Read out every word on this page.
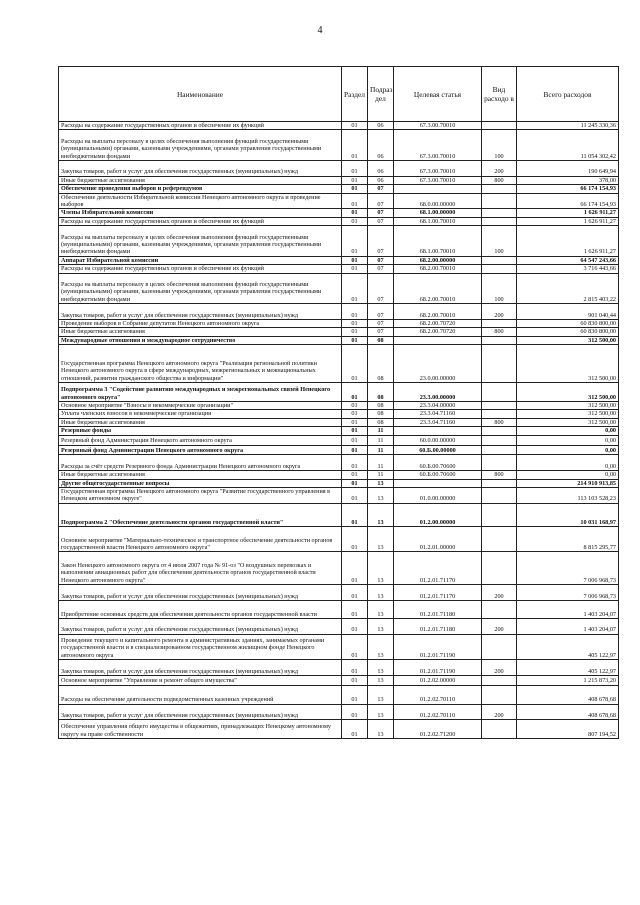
4
Наименование	Раздел	Подраз дел	Целевая статья	Вид расходо в	Всего расходов
Расходы на содержание государственных органов и обеспечение их функций	01	06	67.3.00.70010		11 245 330,36
Расходы на выплаты персоналу в целях обеспечения выполнения функций государственными (муниципальными) органами, казенными учреждениями, органами управления государственными внебюджетными фондами	01	06	67.3.00.70010	100	11 054 302,42
Закупка товаров, работ и услуг для обеспечения государственных (муниципальных) нужд	01	06	67.3.00.70010	200	190 649,94
Иные бюджетные ассигнования	01	06	67.3.00.70010	800	378,00
Обеспечение проведения выборов и референдумов	01	07			66 174 154,93
Обеспечение деятельности Избирательной комиссии Ненецкого автономного округа и проведение выборов	01	07	68.0.00.00000		66 174 154,93
Члены Избирательной комиссии	01	07	68.1.00.00000		1 626 911,27
Расходы на содержание государственных органов и обеспечение их функций	01	07	68.1.00.70010		1 626 911,27
Расходы на выплаты персоналу в целях обеспечения выполнения функций государственными (муниципальными) органами, казенными учреждениями, органами управления государственными внебюджетными фондами	01	07	68.1.00.70010	100	1 626 911,27
Аппарат Избирательной комиссии	01	07	68.2.00.00000		64 547 243,66
Расходы на содержание государственных органов и обеспечение их функций	01	07	68.2.00.70010		3 716 443,66
Расходы на выплаты персоналу в целях обеспечения выполнения функций государственными (муниципальными) органами, казенными учреждениями, органами управления государственными внебюджетными фондами	01	07	68.2.00.70010	100	2 815 403,22
Закупка товаров, работ и услуг для обеспечения государственных (муниципальных) нужд	01	07	68.2.00.70010	200	901 040,44
Проведение выборов в Собрание депутатов Ненецкого автономного округа	01	07	68.2.00.70720		60 830 800,00
Иные бюджетные ассигнования	01	07	68.2.00.70720	800	60 830 800,00
Международные отношения и международное сотрудничество	01	08			312 500,00
Государственная программа Ненецкого автономного округа "Реализация региональной политики Ненецкого автономного округа в сфере международных, межрегиональных и межнациональных отношений, развития гражданского общества и информации"	01	08	23.0.00.00000		312 500,00
Подпрограмма 3 "Содействие развитию международных и межрегиональных связей Ненецкого автономного округа"	01	08	23.3.00.00000		312 500,00
Основное мероприятие "Взносы в некоммерческие организации"	01	08	23.3.04.00000		312 500,00
Уплата членских взносов в некоммерческие организации	01	08	23.3.04.71160		312 500,00
Иные бюджетные ассигнования	01	08	23.3.04.71160	800	312 500,00
Резервные фонды	01	11			0,00
Резервный фонд Администрации Ненецкого автономного округа	01	11	60.0.00.00000		0,00
Резервный фонд Администрации Ненецкого автономного округа	01	11	60.Б.00.00000		0,00
Расходы за счёт средств Резервного фонда Администрации Ненецкого автономного округа	01	11	60.Б.00.70600		0,00
Иные бюджетные ассигнования	01	11	60.Б.00.70600	800	0,00
Другие общегосударственные вопросы	01	13			214 910 913,85
Государственная программа Ненецкого автономного округа "Развитие государственного управления в Ненецком автономном округе"	01	13	01.0.00.00000		113 103 528,23
Подпрограмма 2 "Обеспечение деятельности органов государственной власти"	01	13	01.2.00.00000		10 031 168,97
Основное мероприятие "Материально-техническое и транспортное обеспечение деятельности органов государственной власти Ненецкого автономного округа"	01	13	01.2.01.00000		8 815 295,77
Закон Ненецкого автономного округа от 4 июля 2007 года № 91-оз "О воздушных перевозках и выполнении авиационных работ для обеспечения деятельности органов государственной власти Ненецкого автономного округа"	01	13	01.2.01.71170		7 006 968,73
Закупка товаров, работ и услуг для обеспечения государственных (муниципальных) нужд	01	13	01.2.01.71170	200	7 006 968,73
Приобретение основных средств для обеспечения деятельности органов государственной власти	01	13	01.2.01.71180		1 403 204,07
Закупка товаров, работ и услуг для обеспечения государственных (муниципальных) нужд	01	13	01.2.01.71180	200	1 403 204,07
Проведение текущего и капитального ремонта в административных зданиях, занимаемых органами государственной власти и в специализированном государственном жилищном фонде Ненецкого автономного округа	01	13	01.2.01.71190		405 122,97
Закупка товаров, работ и услуг для обеспечения государственных (муниципальных) нужд	01	13	01.2.01.71190	200	405 122,97
Основное мероприятие "Управление и ремонт общего имущества"	01	13	01.2.02.00000		1 215 873,20
Расходы на обеспечение деятельности подведомственных казенных учреждений	01	13	01.2.02.70110		408 678,68
Закупка товаров, работ и услуг для обеспечения государственных (муниципальных) нужд	01	13	01.2.02.70110	200	408 678,68
Обеспечение управления общего имущества в общежитиях, принадлежащих Ненецкому автономному округу на праве собственности	01	13	01.2.02.71200		807 194,52
